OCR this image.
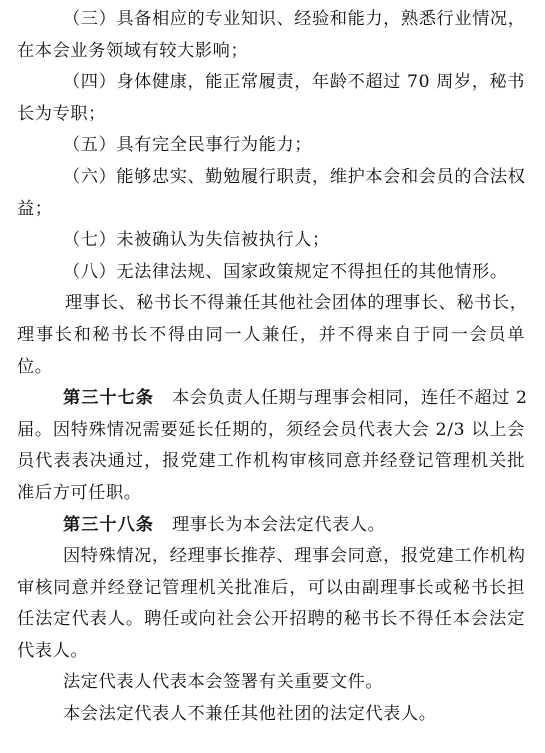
（三）具备相应的专业知识、经验和能力，熟悉行业情况，
在本会业务领域有较大影响；
（四）身体健康，能正常履责，年龄不超过 70 周岁，秘书
长为专职；
（五）具有完全民事行为能力；
（六）能够忠实、勤勉履行职责，维护本会和会员的合法权
益；
（七）未被确认为失信被执行人；
（八）无法律法规、国家政策规定不得担任的其他情形。
理事长、秘书长不得兼任其他社会团体的理事长、秘书长，
理事长和秘书长不得由同一人兼任，并不得来自于同一会员单
位。
第三十七条 本会负责人任期与理事会相同，连任不超过 2
届。因特殊情况需要延长任期的，须经会员代表大会 2/3 以上会
员代表表决通过，报党建工作机构审核同意并经登记管理机关批
准后方可任职。
第三十八条 理事长为本会法定代表人。
因特殊情况，经理事长推荐、理事会同意，报党建工作机构
审核同意并经登记管理机关批准后，可以由副理事长或秘书长担
任法定代表人。聘任或向社会公开招聘的秘书长不得任本会法定
代表人。
法定代表人代表本会签署有关重要文件。
本会法定代表人不兼任其他社团的法定代表人。
